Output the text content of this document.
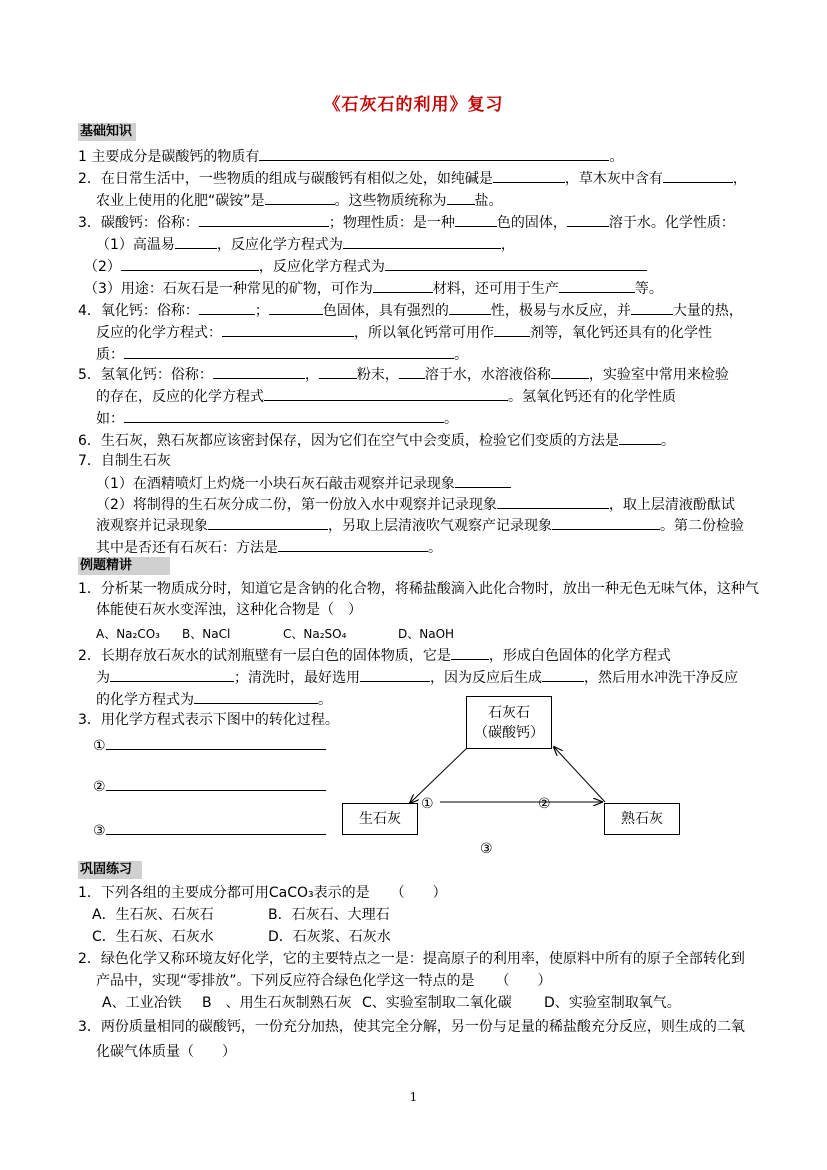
《石灰石的利用》复习
基础知识
1 主要成分是碳酸钙的物质有	。
2．在日常生活中，一些物质的组成与碳酸钙有相似之处，如纯碱是	，草木灰中含有	，
农业上使用的化肥“碳铵”是	。这些物质统称为 盐。
3．碳酸钙：俗称：	；物理性质：是一种	色的固体，	溶于水。化学性质：
（1）高温易	，反应化学方程式为	，
（2）	，反应化学方程式为
（3）用途：石灰石是一种常见的矿物，可作为	材料，还可用于生产	等。
4．氧化钙：俗称：	；	色固体，具有强烈的	性，极易与水反应，并	大量的热，
反应的化学方程式：	，所以氧化钙常可用作	剂等，氧化钙还具有的化学性
质：	。
5．氢氧化钙：俗称：	，	粉末， 溶于水，水溶液俗称	，实验室中常用来检验
的存在，反应的化学方程式	。氢氧化钙还有的化学性质
如：	。
6．生石灰，熟石灰都应该密封保存，因为它们在空气中会变质，检验它们变质的方法是	。
7．自制生石灰
（1）在酒精喷灯上灼烧一小块石灰石敲击观察并记录现象
（2）将制得的生石灰分成二份，第一份放入水中观察并记录现象	，取上层清液酚酞试
液观察并记录现象	，另取上层清液吹气观察产记录现象	。第二份检验
其中是否还有石灰石：方法是	。
例题精讲
1．分析某一物质成分时，知道它是含钠的化合物，将稀盐酸滴入此化合物时，放出一种无色无味气体，这种气
体能使石灰水变浑浊，这种化合物是（　）
A、Na₂CO₃ B、NaCl	C、Na₂SO₄	D、NaOH
2．长期存放石灰水的试剂瓶壁有一层白色的固体物质，它是	，形成白色固体的化学方程式
为	；清洗时，最好选用	，因为反应后生成	，然后用水冲洗干净反应
的化学方程式为	。
3．用化学方程式表示下图中的转化过程。
①
②
③
石灰石
（碳酸钙）
生石灰	熟石灰
①	②
③
巩固练习
1．下列各组的主要成分都可用CaCO₃表示的是　　（　　）
A．生石灰、石灰石	B．石灰石、大理石
C．生石灰、石灰水	D．石灰浆、石灰水
2．绿色化学又称环境友好化学，它的主要特点之一是：提高原子的利用率，使原料中所有的原子全部转化到
产品中，实现“零排放”。下列反应符合绿色化学这一特点的是　　（　　）
A、工业冶铁 B　、用生石灰制熟石灰 C、实验室制取二氧化碳 D、实验室制取氧气。
3．两份质量相同的碳酸钙，一份充分加热，使其完全分解，另一份与足量的稀盐酸充分反应，则生成的二氧
化碳气体质量（　　）
1
